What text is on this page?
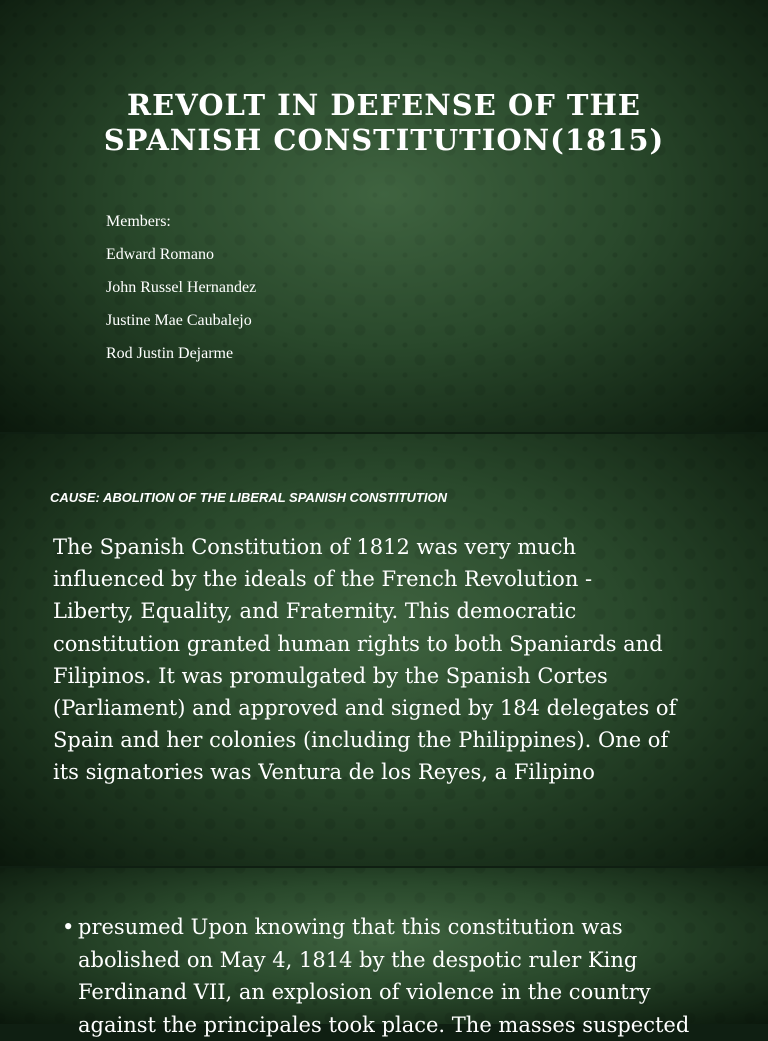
REVOLT IN DEFENSE OF THE
SPANISH CONSTITUTION(1815)
Members:
Edward Romano
John Russel Hernandez
Justine Mae Caubalejo
Rod Justin Dejarme

CAUSE: ABOLITION OF THE LIBERAL SPANISH CONSTITUTION

The Spanish Constitution of 1812 was very much
influenced by the ideals of the French Revolution -
Liberty, Equality, and Fraternity. This democratic
constitution granted human rights to both Spaniards and
Filipinos. It was promulgated by the Spanish Cortes
(Parliament) and approved and signed by 184 delegates of
Spain and her colonies (including the Philippines). One of
its signatories was Ventura de los Reyes, a Filipino

• presumed Upon knowing that this constitution was
abolished on May 4, 1814 by the despotic ruler King
Ferdinand VII, an explosion of violence in the country
against the principales took place. The masses suspected
